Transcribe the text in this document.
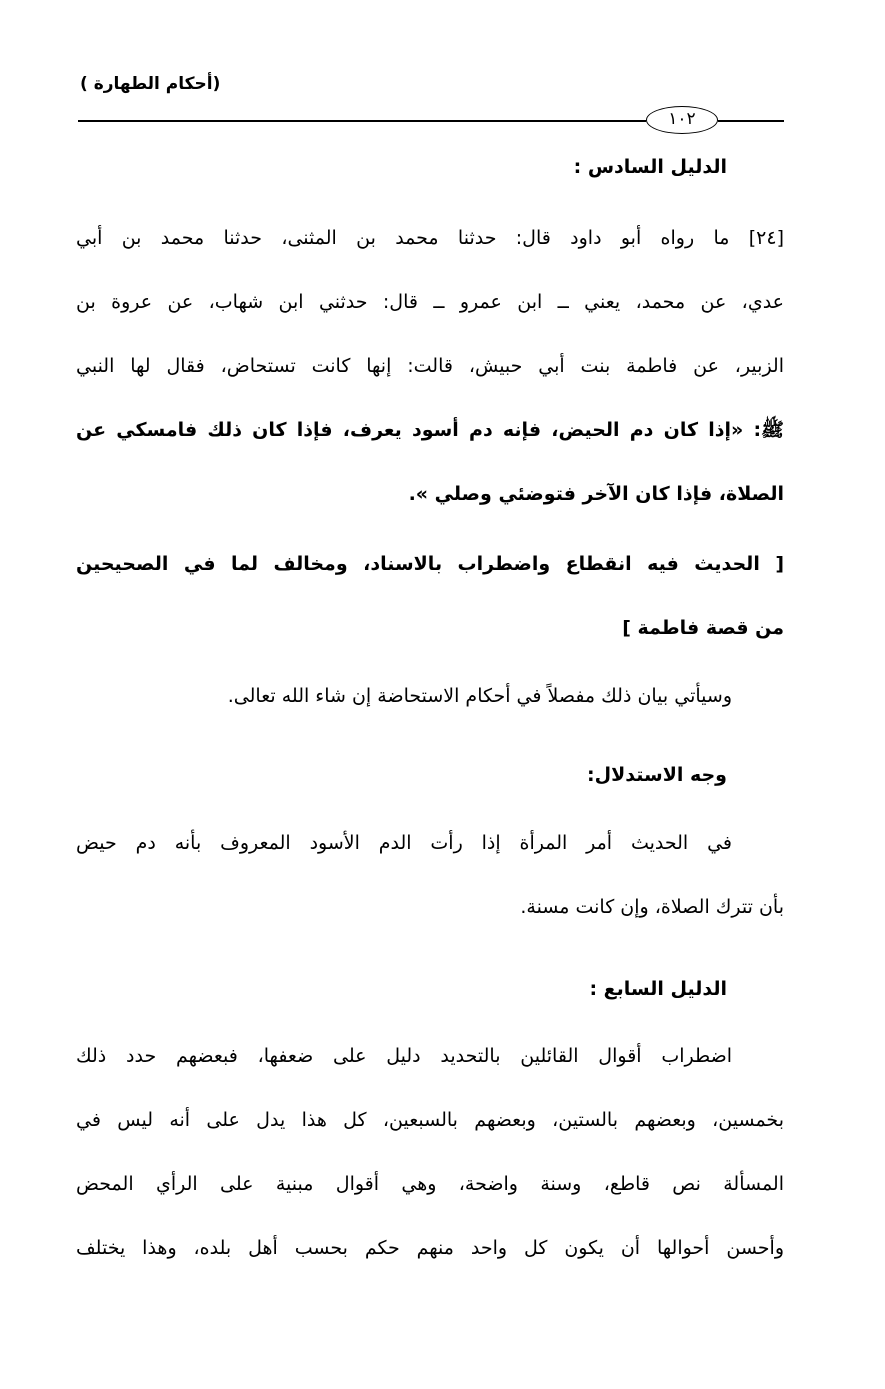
(أحكام الطهارة )
١٠٢
الدليل السادس :
[٢٤] ما رواه أبو داود قال: حدثنا محمد بن المثنى، حدثنا محمد بن أبي
عدي، عن محمد، يعني ــ ابن عمرو ــ قال: حدثني ابن شهاب، عن عروة بن
الزبير، عن فاطمة بنت أبي حبيش، قالت: إنها كانت تستحاض، فقال لها النبي
ﷺ: «إذا كان دم الحيض، فإنه دم أسود يعرف، فإذا كان ذلك فامسكي عن
الصلاة، فإذا كان الآخر فتوضئي وصلي ».
[ الحديث فيه انقطاع واضطراب بالاسناد، ومخالف لما في الصحيحين
من قصة فاطمة ]
وسيأتي بيان ذلك مفصلاً في أحكام الاستحاضة إن شاء الله تعالى.
وجه الاستدلال:
في الحديث أمر المرأة إذا رأت الدم الأسود المعروف بأنه دم حيض
بأن تترك الصلاة، وإن كانت مسنة.
الدليل السابع :
اضطراب أقوال القائلين بالتحديد دليل على ضعفها، فبعضهم حدد ذلك
بخمسين، وبعضهم بالستين، وبعضهم بالسبعين، كل هذا يدل على أنه ليس في
المسألة نص قاطع، وسنة واضحة، وهي أقوال مبنية على الرأي المحض
وأحسن أحوالها أن يكون كل واحد منهم حكم بحسب أهل بلده، وهذا يختلف
